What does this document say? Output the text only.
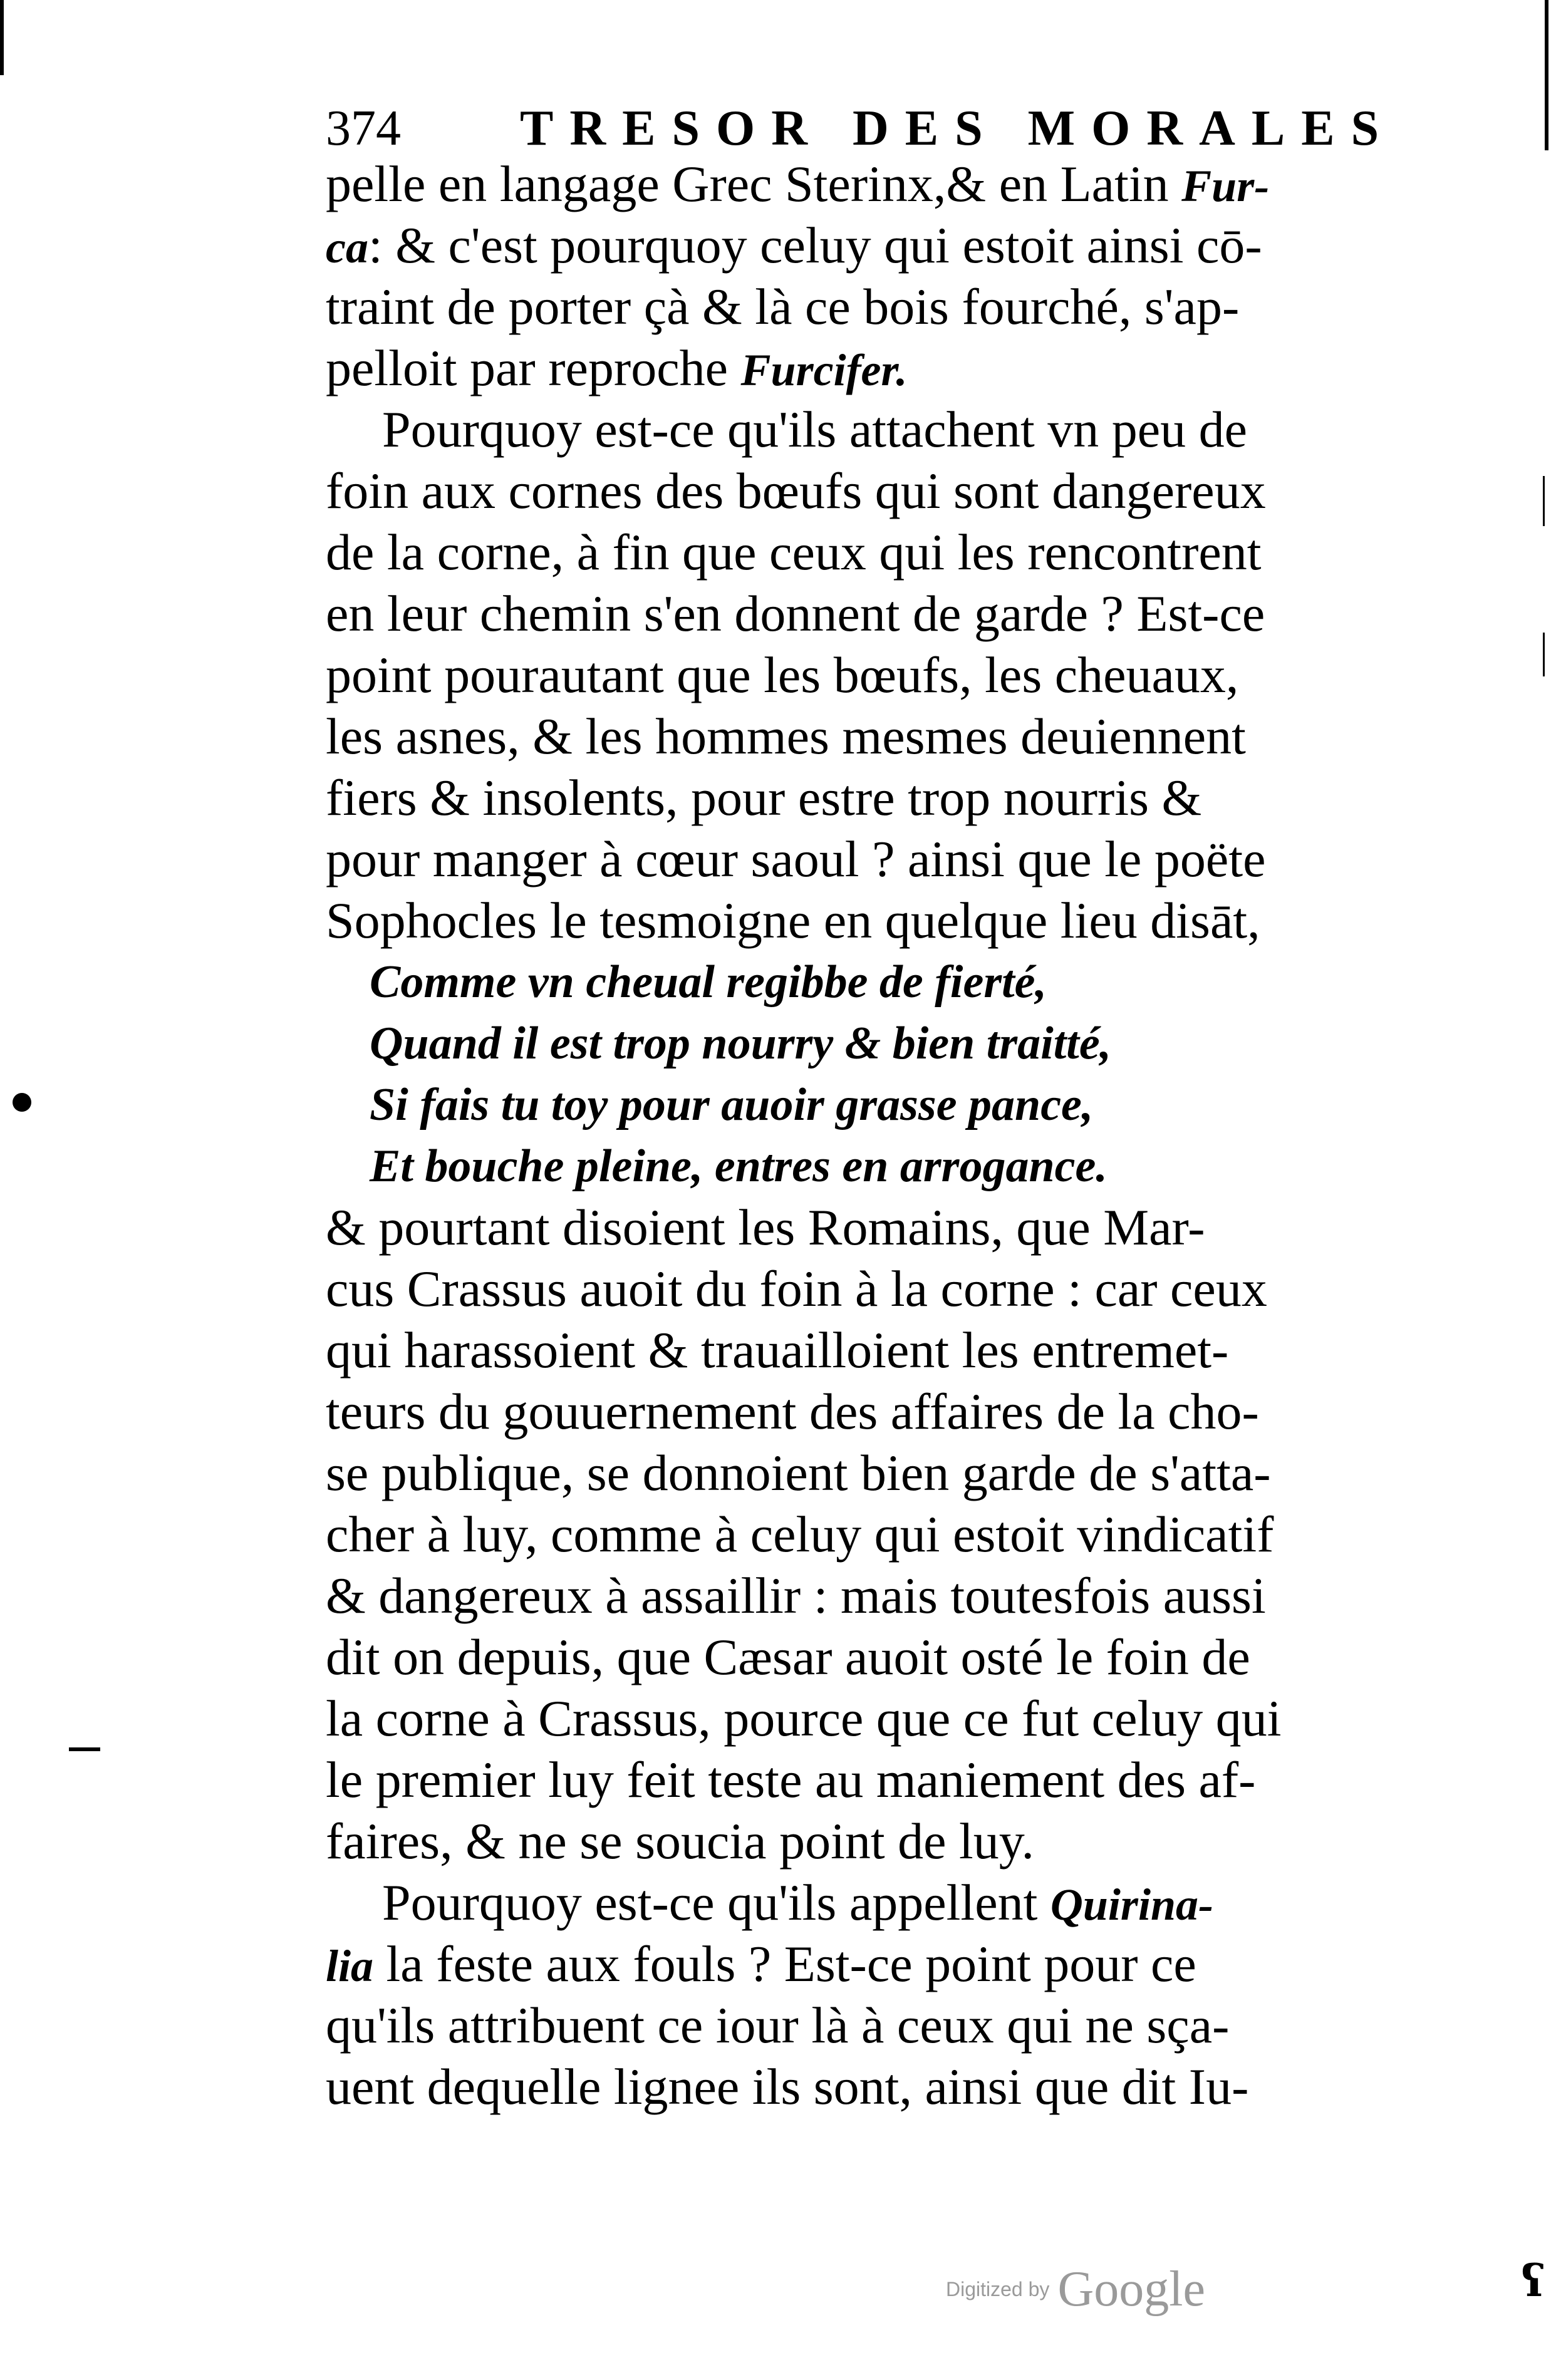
ʕ
374 TRESOR DES MORALES
pelle en langage Grec Sterinx,& en Latin Fur-
ca: & c'est pourquoy celuy qui estoit ainsi cō-
traint de porter çà & là ce bois fourché, s'ap-
pelloit par reproche Furcifer.
Pourquoy est-ce qu'ils attachent vn peu de
foin aux cornes des bœufs qui sont dangereux
de la corne, à fin que ceux qui les rencontrent
en leur chemin s'en donnent de garde ? Est-ce
point pourautant que les bœufs, les cheuaux,
les asnes, & les hommes mesmes deuiennent
fiers & insolents, pour estre trop nourris &
pour manger à cœur saoul ? ainsi que le poëte
Sophocles le tesmoigne en quelque lieu disāt,
Comme vn cheual regibbe de fierté,
Quand il est trop nourry & bien traitté,
Si fais tu toy pour auoir grasse pance,
Et bouche pleine, entres en arrogance.
& pourtant disoient les Romains, que Mar-
cus Crassus auoit du foin à la corne : car ceux
qui harassoient & trauailloient les entremet-
teurs du gouuernement des affaires de la cho-
se publique, se donnoient bien garde de s'atta-
cher à luy, comme à celuy qui estoit vindicatif
& dangereux à assaillir : mais toutesfois aussi
dit on depuis, que Cæsar auoit osté le foin de
la corne à Crassus, pource que ce fut celuy qui
le premier luy feit teste au maniement des af-
faires, & ne se soucia point de luy.
Pourquoy est-ce qu'ils appellent Quirina-
lia la feste aux fouls ? Est-ce point pour ce
qu'ils attribuent ce iour là à ceux qui ne sça-
uent dequelle lignee ils sont, ainsi que dit Iu-
Digitized by Google
